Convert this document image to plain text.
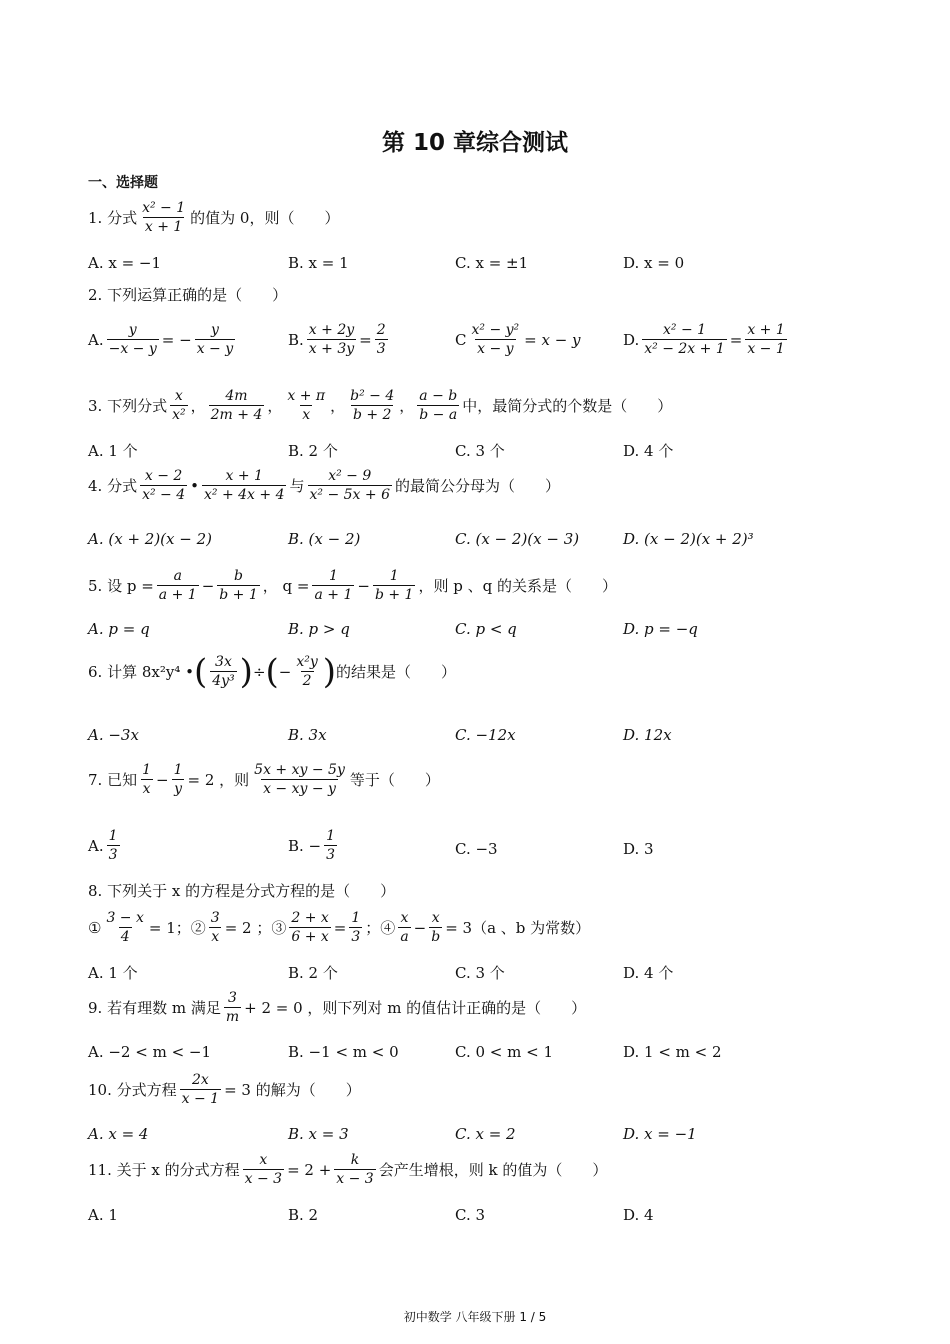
第 10 章综合测试
一、选择题
1. 分式 $\frac{\text{x² − 1}}{x + 1}$ 的值为 0，则（　　）
A. x = −1	B. x = 1	C. x = ±1	D. x = 0
2. 下列运算正确的是（　　）
A. $\frac{y}{-x - y}$ = − $\frac{y}{x - y}$	B. $\frac{x + 2y}{x + 3y} = \frac{2}{3}$	C $\frac{\text{x² − y²}}{x - y} = x - y$	D. $\frac{\text{x² − 1}}{\text{x² − 2x + 1}} = \frac{x + 1}{x - 1}$
3. 下列分式 $\frac{x}{\text{x²}}$ ， $\frac{4m}{2m + 4}$ ， $\frac{x + \pi}{x}$ ， $\frac{\text{b² − 4}}{b + 2}$ ， $\frac{a - b}{b - a}$ 中，最简分式的个数是（　　）
A. 1 个	B. 2 个	C. 3 个	D. 4 个
4. 分式 $\frac{x - 2}{\text{x² − 4}}$ • $\frac{x + 1}{\text{x² + 4x + 4}}$ 与 $\frac{\text{x² − 9}}{\text{x² − 5x + 6}}$ 的最简公分母为（　　）
A. (x + 2)(x − 2)	B. (x − 2)	C. (x − 2)(x − 3)	D. (x − 2)(x + 2)³
5. 设 $p = \frac{a}{a + 1} - \frac{b}{b + 1}$ ， $q = \frac{1}{a + 1} - \frac{1}{b + 1}$ ，则 p 、q 的关系是（　　）
A. p = q	B. p > q	C. p < q	D. p = −q
6. 计算 8x²y⁴ • ( $\frac{3x}{\text{4y³}}$ ) ÷ ( − $\frac{\text{x²y}}{2}$ ) 的结果是（　　）
A. −3x	B. 3x	C. −12x	D. 12x
7. 已知 $\frac{1}{x} - \frac{1}{y} = 2$ ，则 $\frac{5x + xy - 5y}{x - xy - y}$ 等于（　　）
A. $\frac{1}{3}$	B. − $\frac{1}{3}$	C. −3	D. 3
8. 下列关于 x 的方程是分式方程的是（　　）
① $\frac{3 - x}{4} = 1$；② $\frac{3}{x} = 2$ ；③ $\frac{2 + x}{6 + x} = \frac{1}{3}$ ；④ $\frac{x}{a} - \frac{x}{b} = 3(a$ 、b 为常数）
A. 1 个	B. 2 个	C. 3 个	D. 4 个
9. 若有理数 m 满足 $\frac{3}{m} + 2 = 0$ ，则下列对 m 的值估计正确的是（　　）
A. −2 < m < −1	B. −1 < m < 0	C. 0 < m < 1	D. 1 < m < 2
10. 分式方程 $\frac{2x}{x - 1} = 3$ 的解为（　　）
A. x = 4	B. x = 3	C. x = 2	D. x = −1
11. 关于 x 的分式方程 $\frac{x}{x - 3} = 2 + \frac{k}{x - 3}$ 会产生增根，则 k 的值为（　　）
A. 1	B. 2	C. 3	D. 4
初中数学 八年级下册 1 / 5
